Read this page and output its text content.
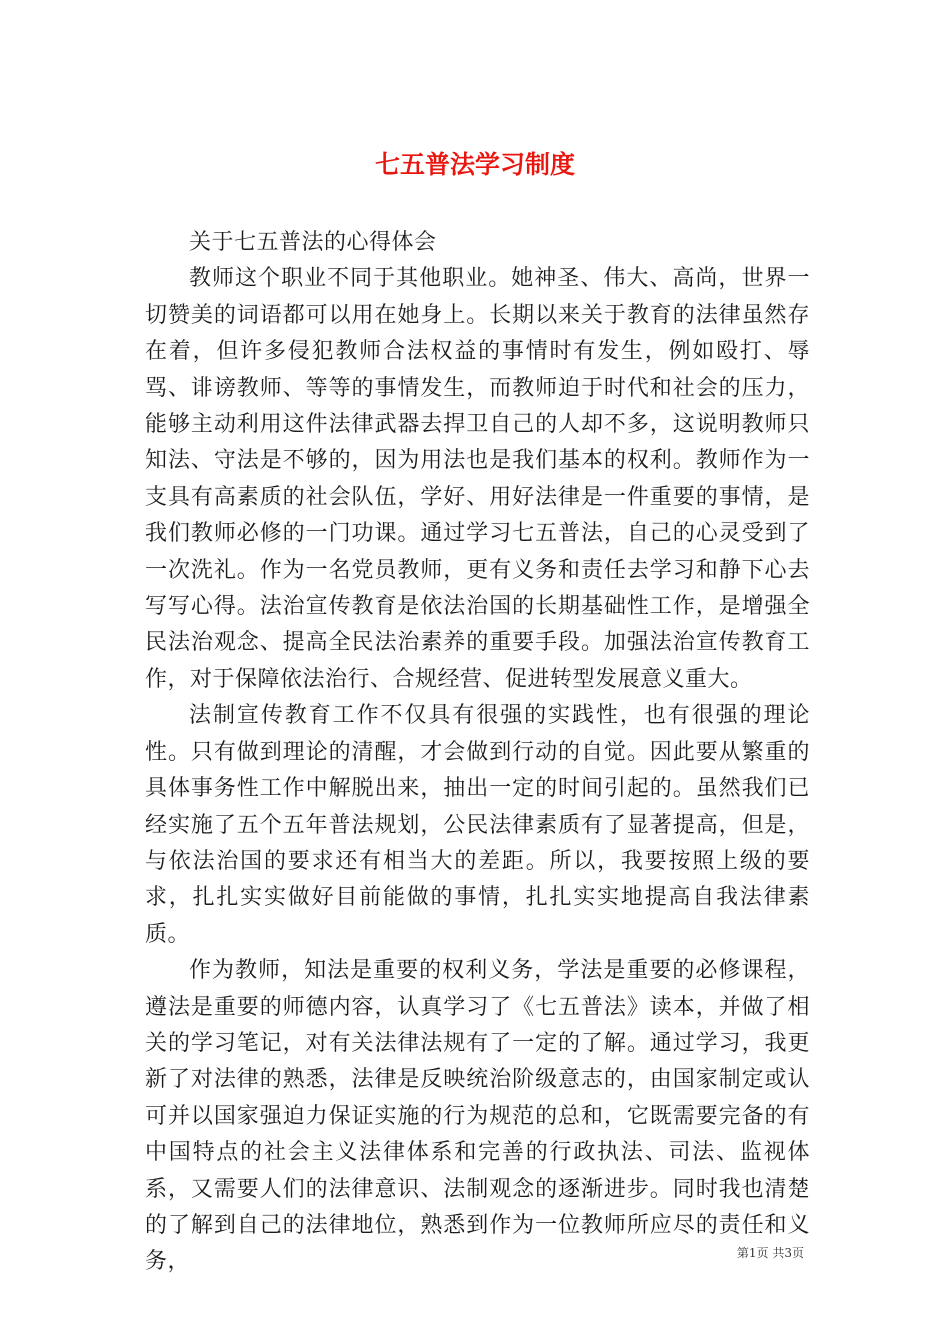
七五普法学习制度

关于七五普法的心得体会

教师这个职业不同于其他职业。她神圣、伟大、高尚，世界一切赞美的词语都可以用在她身上。长期以来关于教育的法律虽然存在着，但许多侵犯教师合法权益的事情时有发生，例如殴打、辱骂、诽谤教师、等等的事情发生，而教师迫于时代和社会的压力，能够主动利用这件法律武器去捍卫自己的人却不多，这说明教师只知法、守法是不够的，因为用法也是我们基本的权利。教师作为一支具有高素质的社会队伍，学好、用好法律是一件重要的事情，是我们教师必修的一门功课。通过学习七五普法，自己的心灵受到了一次洗礼。作为一名党员教师，更有义务和责任去学习和静下心去写写心得。法治宣传教育是依法治国的长期基础性工作，是增强全民法治观念、提高全民法治素养的重要手段。加强法治宣传教育工作，对于保障依法治行、合规经营、促进转型发展意义重大。

法制宣传教育工作不仅具有很强的实践性，也有很强的理论性。只有做到理论的清醒，才会做到行动的自觉。因此要从繁重的具体事务性工作中解脱出来，抽出一定的时间引起的。虽然我们已经实施了五个五年普法规划，公民法律素质有了显著提高，但是，与依法治国的要求还有相当大的差距。所以，我要按照上级的要求，扎扎实实做好目前能做的事情，扎扎实实地提高自我法律素质。

作为教师，知法是重要的权利义务，学法是重要的必修课程，遵法是重要的师德内容，认真学习了《七五普法》读本，并做了相关的学习笔记，对有关法律法规有了一定的了解。通过学习，我更新了对法律的熟悉，法律是反映统治阶级意志的，由国家制定或认可并以国家强迫力保证实施的行为规范的总和，它既需要完备的有中国特点的社会主义法律体系和完善的行政执法、司法、监视体系，又需要人们的法律意识、法制观念的逐渐进步。同时我也清楚的了解到自己的法律地位，熟悉到作为一位教师所应尽的责任和义务，	第1页 共3页
